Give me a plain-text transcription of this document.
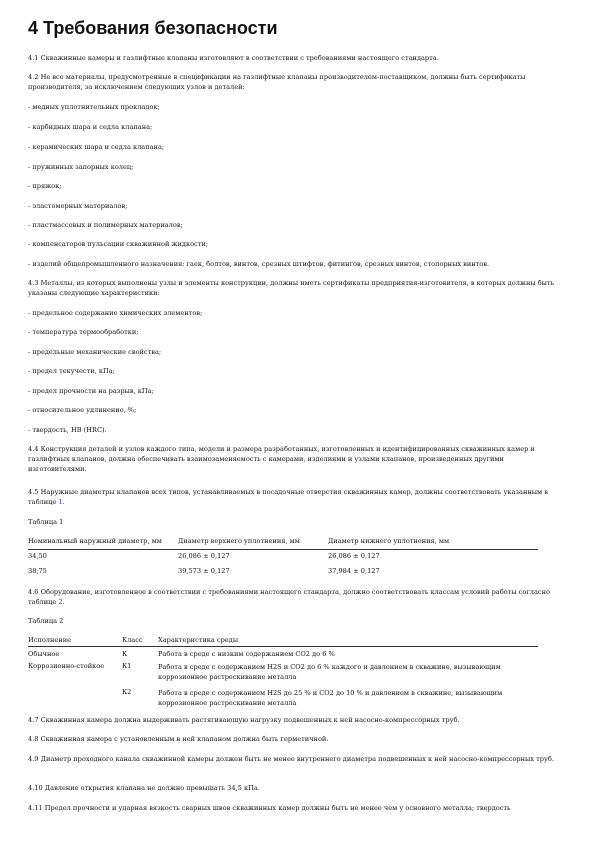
4 Требования безопасности

4.1 Скважинные камеры и газлифтные клапаны изготовляют в соответствии с требованиями настоящего стандарта.

4.2 Не все материалы, предусмотренные в спецификации на газлифтные клапаны производителем-поставщиком, должны быть сертификаты производителя, за исключением следующих узлов и деталей:

- медных уплотнительных прокладок;

- карбидных шара и седла клапана;

- керамических шара и седла клапана;

- пружинных запорных колец;

- пряжок;

- эластомерных материалов;

- пластмассовых и полимерных материалов;

- компенсаторов пульсации скважинной жидкости;

- изделий общепромышленного назначения: гаек, болтов, винтов, срезных штифтов, фитингов, срезных винтов, стопорных винтов.

4.3 Металлы, из которых выполнены узлы и элементы конструкции, должны иметь сертификаты предприятия-изготовителя, в которых должны быть указаны следующие характеристики:

- предельное содержание химических элементов;

- температура термообработки;

- предельные механические свойства;

- предел текучести, кПа;

- предел прочности на разрыв, кПа;

- относительное удлинение, %;

- твердость, НВ (HRC).

4.4 Конструкция деталей и узлов каждого типа, модели и размера разработанных, изготовленных и идентифицированных скважинных камер и газлифтных клапанов, должна обеспечивать взаимозаменяемость с камерами, изделиями и узлами клапанов, произведенных другими изготовителями.

4.5 Наружные диаметры клапанов всех типов, устанавливаемых в посадочные отверстия скважинных камер, должны соответствовать указанным в таблице 1.

Таблица 1

Номинальный наружный диаметр, мм	Диаметр верхнего уплотнения, мм	Диаметр нижнего уплотнения, мм
34,50	26,086 ± 0,127	26,086 ± 0,127
38,75	39,573 ± 0,127	37,984 ± 0,127

4.6 Оборудование, изготовленное в соответствии с требованиями настоящего стандарта, должно соответствовать классам условий работы согласно таблице 2.

Таблица 2

Исполнение	Класс	Характеристика среды
Обычное	К	Работа в среде с низким содержанием СО2 до 6 %
Коррозионно-стойкое	К1	Работа в среде с содержанием H2S и СО2 до 6 % каждого и давлением в скважине, вызывающим коррозионное растрескивание металла
	К2	Работа в среде с содержанием H2S до 25 % и СО2 до 10 % и давлением в скважине, вызывающим коррозионное растрескивание металла

4.7 Скважинная камера должна выдерживать растягивающую нагрузку подвешенных к ней насосно-компрессорных труб.

4.8 Скважинная камера с установленным в ней клапаном должна быть герметичной.

4.9 Диаметр проходного канала скважинной камеры должен быть не менее внутреннего диаметра подвешенных к ней насосно-компрессорных труб.

4.10 Давление открытия клапана не должно превышать 34,5 кПа.

4.11 Предел прочности и ударная вязкость сварных швов скважинных камер должны быть не менее чем у основного металла; твердость
